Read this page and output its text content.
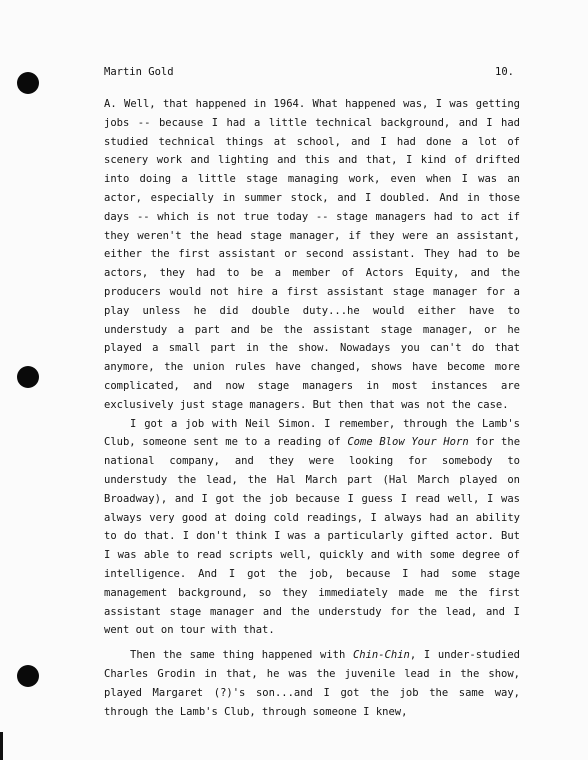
Martin Gold	10.

A. Well, that happened in 1964. What happened was, I was getting jobs -- because I had a little technical background, and I had studied technical things at school, and I had done a lot of scenery work and lighting and this and that, I kind of drifted into doing a little stage managing work, even when I was an actor, especially in summer stock, and I doubled. And in those days -- which is not true today -- stage managers had to act if they weren't the head stage manager, if they were an assistant, either the first assistant or second assistant. They had to be actors, they had to be a member of Actors Equity, and the producers would not hire a first assistant stage manager for a play unless he did double duty...he would either have to understudy a part and be the assistant stage manager, or he played a small part in the show. Nowadays you can't do that anymore, the union rules have changed, shows have become more complicated, and now stage managers in most instances are exclusively just stage managers. But then that was not the case.

I got a job with Neil Simon. I remember, through the Lamb's Club, someone sent me to a reading of Come Blow Your Horn for the national company, and they were looking for somebody to understudy the lead, the Hal March part (Hal March played on Broadway), and I got the job because I guess I read well, I was always very good at doing cold readings, I always had an ability to do that. I don't think I was a particularly gifted actor. But I was able to read scripts well, quickly and with some degree of intelligence. And I got the job, because I had some stage management background, so they immediately made me the first assistant stage manager and the understudy for the lead, and I went out on tour with that.

Then the same thing happened with Chin-Chin, I under-studied Charles Grodin in that, he was the juvenile lead in the show, played Margaret (?)'s son...and I got the job the same way, through the Lamb's Club, through someone I knew,
